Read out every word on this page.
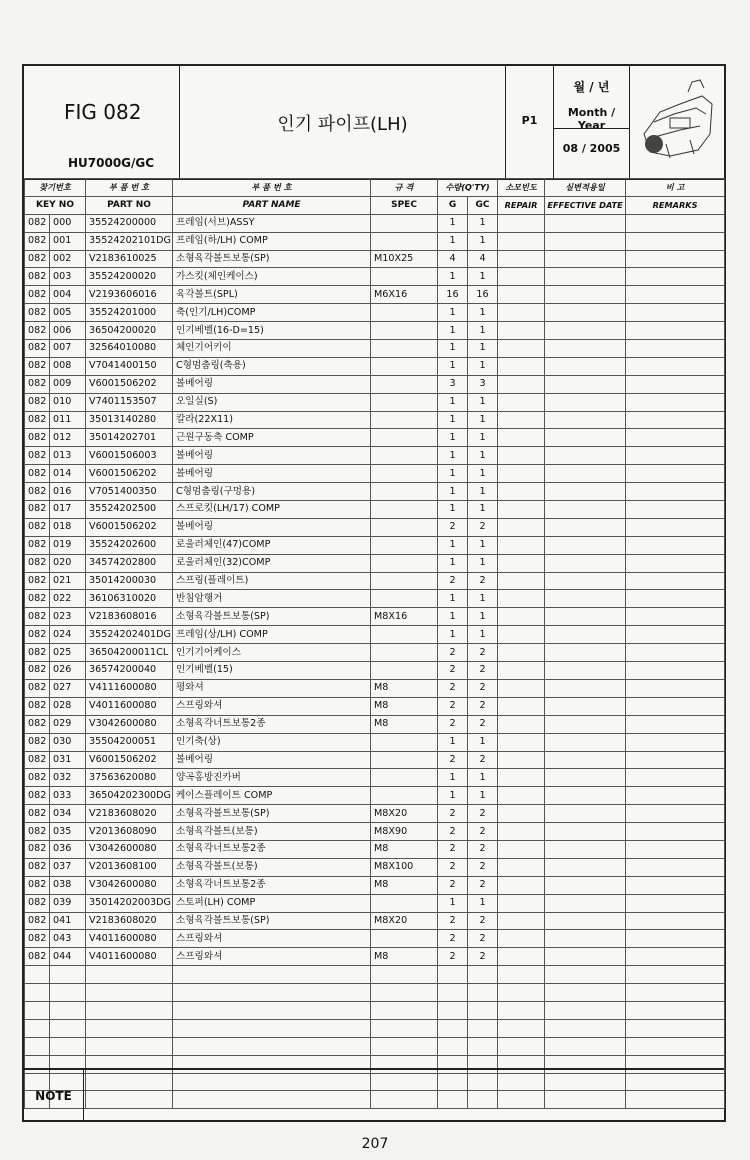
FIG 082
HU7000G/GC
인기 파이프(LH)	P1
월 / 년
Month / Year
08 / 2005
찾기번호		부 품 번 호	부 품 번 호	규 격	수량(Q'TY)		소모빈도	실변적용일	비 고
KEY NO		PART NO	PART NAME	SPEC	G	GC	REPAIR	EFFECTIVE DATE	REMARKS
082	000	35524200000	프레임(서브)ASSY		1	1			
082	001	35524202101DG	프레임(하/LH) COMP		1	1			
082	002	V2183610025	소형육각볼트보통(SP)	M10X25	4	4			
082	003	35524200020	가스킷(체인케이스)		1	1			
082	004	V2193606016	육각볼트(SPL)	M6X16	16	16			
082	005	35524201000	축(인기/LH)COMP		1	1			
082	006	36504200020	인기베벨(16-D=15)		1	1			
082	007	32564010080	체인기어키이		1	1			
082	008	V7041400150	C형멈춤링(축용)		1	1			
082	009	V6001506202	볼베어링		3	3			
082	010	V7401153507	오일실(S)		1	1			
082	011	35013140280	칼라(22X11)		1	1			
082	012	35014202701	근원구동축 COMP		1	1			
082	013	V6001506003	볼베어링		1	1			
082	014	V6001506202	볼베어링		1	1			
082	016	V7051400350	C형멈춤링(구멍용)		1	1			
082	017	35524202500	스프로킷(LH/17) COMP		1	1			
082	018	V6001506202	볼베어링		2	2			
082	019	35524202600	로울러체인(47)COMP		1	1			
082	020	34574202800	로울러체인(32)COMP		1	1			
082	021	35014200030	스프링(플레이트)		2	2			
082	022	36106310020	반침암행거		1	1			
082	023	V2183608016	소형육각볼트보통(SP)	M8X16	1	1			
082	024	35524202401DG	프레임(상/LH) COMP		1	1			
082	025	36504200011CL	인기기어케이스		2	2			
082	026	36574200040	인기베벨(15)		2	2			
082	027	V4111600080	평와셔	M8	2	2			
082	028	V4011600080	스프링와셔	M8	2	2			
082	029	V3042600080	소형육각너트보통2종	M8	2	2			
082	030	35504200051	인기축(상)		1	1			
082	031	V6001506202	볼베어링		2	2			
082	032	37563620080	양곡홍방진카버		1	1			
082	033	36504202300DG	케이스플레이트 COMP		1	1			
082	034	V2183608020	소형육각볼트보통(SP)	M8X20	2	2			
082	035	V2013608090	소형육각볼트(보통)	M8X90	2	2			
082	036	V3042600080	소형육각너트보통2종	M8	2	2			
082	037	V2013608100	소형육각볼트(보통)	M8X100	2	2			
082	038	V3042600080	소형육각너트보통2종	M8	2	2			
082	039	35014202003DG	스토퍼(LH) COMP		1	1			
082	041	V2183608020	소형육각볼트보통(SP)	M8X20	2	2			
082	043	V4011600080	스프링와셔		2	2			
082	044	V4011600080	스프링와셔	M8	2	2			

NOTE
207
